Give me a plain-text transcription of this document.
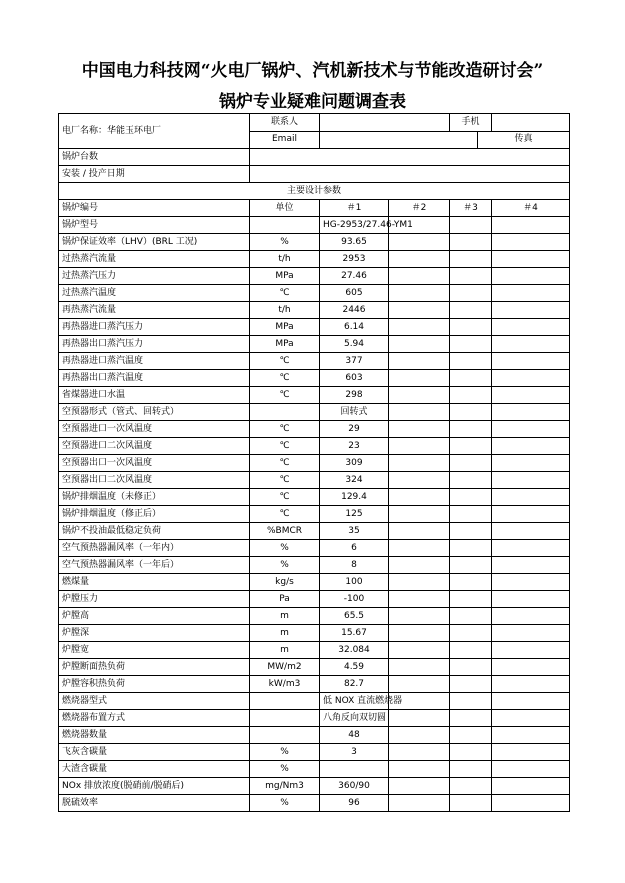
中国电力科技网“火电厂锅炉、汽机新技术与节能改造研讨会”
锅炉专业疑难问题调查表
电厂名称：华能玉环电厂	联系人			手机		
	Email				传真	
锅炉台数						
安装 / 投产日期						
主要设计参数						
锅炉编号	单位	＃1	＃2	＃3		＃4
锅炉型号		HG-2953/27.46-YM1				
锅炉保证效率（LHV）(BRL 工况)	%	93.65				
过热蒸汽流量	t/h	2953				
过热蒸汽压力	MPa	27.46				
过热蒸汽温度	℃	605				
再热蒸汽流量	t/h	2446				
再热器进口蒸汽压力	MPa	6.14				
再热器出口蒸汽压力	MPa	5.94				
再热器进口蒸汽温度	℃	377				
再热器出口蒸汽温度	℃	603				
省煤器进口水温	℃	298				
空预器形式（管式、回转式）		回转式				
空预器进口一次风温度	℃	29				
空预器进口二次风温度	℃	23				
空预器出口一次风温度	℃	309				
空预器出口二次风温度	℃	324				
锅炉排烟温度（未修正）	℃	129.4				
锅炉排烟温度（修正后）	℃	125				
锅炉不投油最低稳定负荷	%BMCR	35				
空气预热器漏风率（一年内）	%	6				
空气预热器漏风率（一年后）	%	8				
燃煤量	kg/s	100				
炉膛压力	Pa	-100				
炉膛高	m	65.5				
炉膛深	m	15.67				
炉膛宽	m	32.084				
炉膛断面热负荷	MW/m2	4.59				
炉膛容积热负荷	kW/m3	82.7				
燃烧器型式		低 NOX 直流燃烧器				
燃烧器布置方式		八角反向双切圆				
燃烧器数量		48				
飞灰含碳量	%	3				
大渣含碳量	%					
NOx 排放浓度(脱硝前/脱硝后)	mg/Nm3	360/90				
脱硫效率	%	96				
